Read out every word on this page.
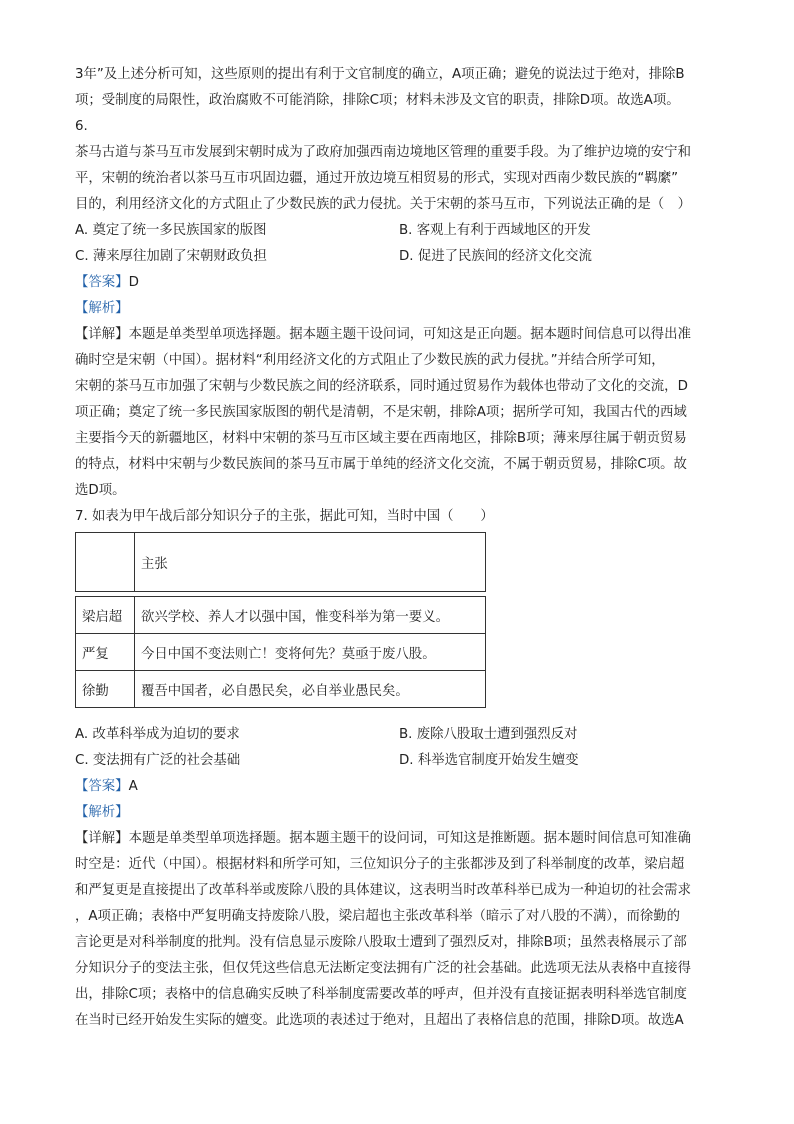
3年”及上述分析可知，这些原则的提出有利于文官制度的确立，A项正确；避免的说法过于绝对，排除B

项；受制度的局限性，政治腐败不可能消除，排除C项；材料未涉及文官的职责，排除D项。故选A项。

6.

茶马古道与茶马互市发展到宋朝时成为了政府加强西南边境地区管理的重要手段。为了维护边境的安宁和

平，宋朝的统治者以茶马互市巩固边疆，通过开放边境互相贸易的形式，实现对西南少数民族的“羁縻”

目的，利用经济文化的方式阻止了少数民族的武力侵扰。关于宋朝的茶马互市，下列说法正确的是（　）

A. 奠定了统一多民族国家的版图	B. 客观上有利于西域地区的开发
C. 薄来厚往加剧了宋朝财政负担	D. 促进了民族间的经济文化交流

【答案】D

【解析】

【详解】本题是单类型单项选择题。据本题主题干设问词，可知这是正向题。据本题时间信息可以得出准

确时空是宋朝（中国）。据材料“利用经济文化的方式阻止了少数民族的武力侵扰。”并结合所学可知，

宋朝的茶马互市加强了宋朝与少数民族之间的经济联系，同时通过贸易作为载体也带动了文化的交流，D

项正确；奠定了统一多民族国家版图的朝代是清朝，不是宋朝，排除A项；据所学可知，我国古代的西域

主要指今天的新疆地区，材料中宋朝的茶马互市区域主要在西南地区，排除B项；薄来厚往属于朝贡贸易

的特点，材料中宋朝与少数民族间的茶马互市属于单纯的经济文化交流，不属于朝贡贸易，排除C项。故

选D项。

7. 如表为甲午战后部分知识分子的主张，据此可知，当时中国（　　）

	主张

梁启超	欲兴学校、养人才以强中国，惟变科举为第一要义。
严复	今日中国不变法则亡！变将何先？莫亟于废八股。
徐勤	覆吾中国者，必自愚民矣，必自举业愚民矣。
A. 改革科举成为迫切的要求	B. 废除八股取士遭到强烈反对
C. 变法拥有广泛的社会基础	D. 科举选官制度开始发生嬗变

【答案】A

【解析】

【详解】本题是单类型单项选择题。据本题主题干的设问词，可知这是推断题。据本题时间信息可知准确

时空是：近代（中国）。根据材料和所学可知，三位知识分子的主张都涉及到了科举制度的改革，梁启超

和严复更是直接提出了改革科举或废除八股的具体建议，这表明当时改革科举已成为一种迫切的社会需求

，A项正确；表格中严复明确支持废除八股，梁启超也主张改革科举（暗示了对八股的不满），而徐勤的

言论更是对科举制度的批判。没有信息显示废除八股取士遭到了强烈反对，排除B项；虽然表格展示了部

分知识分子的变法主张，但仅凭这些信息无法断定变法拥有广泛的社会基础。此选项无法从表格中直接得

出，排除C项；表格中的信息确实反映了科举制度需要改革的呼声，但并没有直接证据表明科举选官制度

在当时已经开始发生实际的嬗变。此选项的表述过于绝对，且超出了表格信息的范围，排除D项。故选A
